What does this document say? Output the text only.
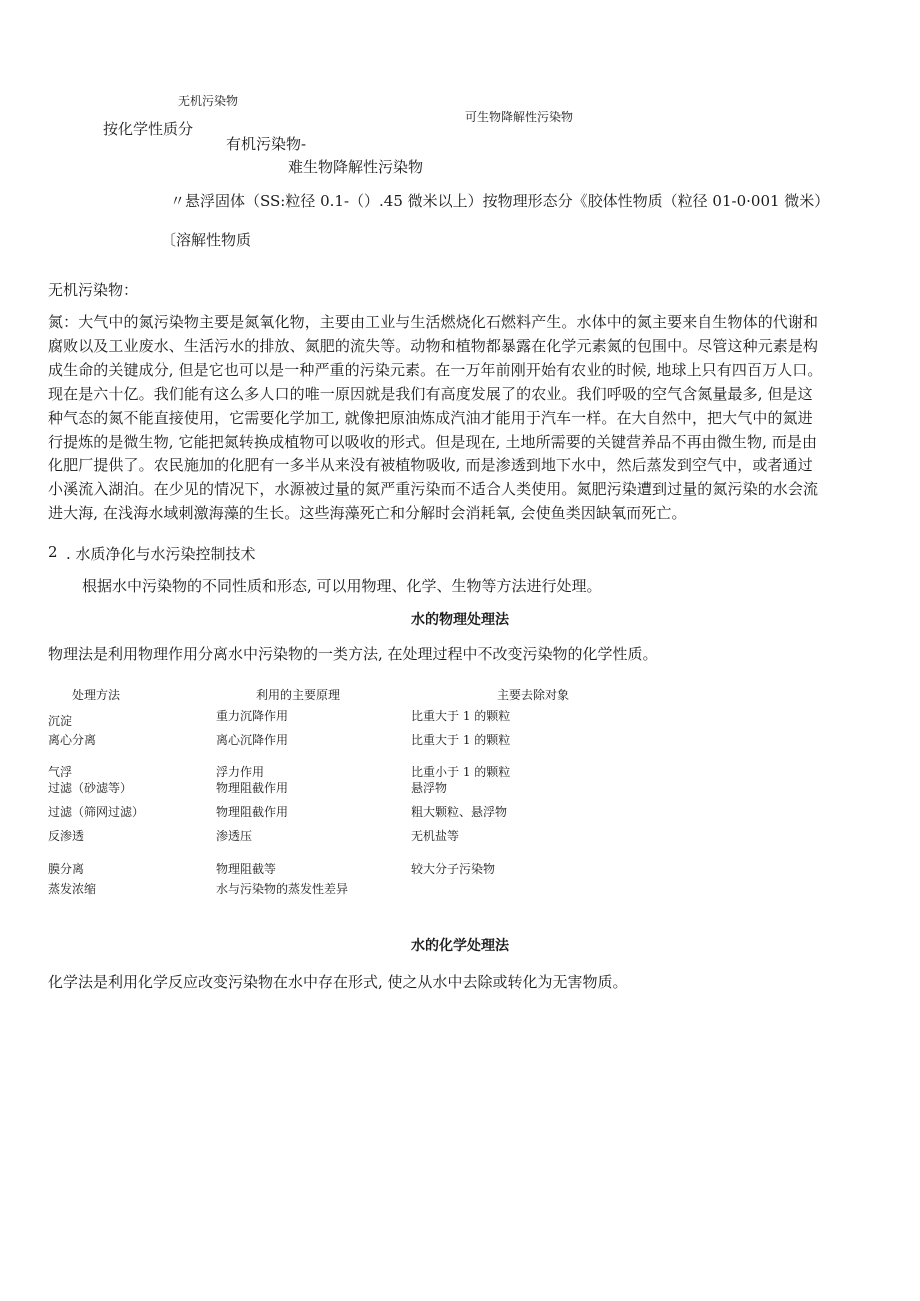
无机污染物
可生物降解性污染物
按化学性质分
有机污染物-
难生物降解性污染物
〃悬浮固体（SS:粒径 0.1-（）.45 微米以上）按物理形态分《胶体性物质（粒径 01-0·001 微米）
〔溶解性物质
无机污染物：
氮：大气中的氮污染物主要是氮氧化物，主要由工业与生活燃烧化石燃料产生。水体中的氮主要来自生物体的代谢和
腐败以及工业废水、生活污水的排放、氮肥的流失等。动物和植物都暴露在化学元素氮的包围中。尽管这种元素是构
成生命的关键成分, 但是它也可以是一种严重的污染元素。在一万年前刚开始有农业的时候, 地球上只有四百万人口。
现在是六十亿。我们能有这么多人口的唯一原因就是我们有高度发展了的农业。我们呼吸的空气含氮量最多, 但是这
种气态的氮不能直接使用，它需要化学加工, 就像把原油炼成汽油才能用于汽车一样。在大自然中，把大气中的氮进
行提炼的是微生物, 它能把氮转换成植物可以吸收的形式。但是现在, 土地所需要的关键营养品不再由微生物, 而是由
化肥厂提供了。农民施加的化肥有一多半从来没有被植物吸收, 而是渗透到地下水中，然后蒸发到空气中，或者通过
小溪流入湖泊。在少见的情况下，水源被过量的氮严重污染而不适合人类使用。氮肥污染遭到过量的氮污染的水会流
进大海, 在浅海水域刺激海藻的生长。这些海藻死亡和分解时会消耗氧, 会使鱼类因缺氧而死亡。
2 . 水质净化与水污染控制技术
根据水中污染物的不同性质和形态, 可以用物理、化学、生物等方法进行处理。
水的物理处理法
物理法是利用物理作用分离水中污染物的一类方法, 在处理过程中不改变污染物的化学性质。
处理方法	利用的主要原理	主要去除对象
沉淀	重力沉降作用	比重大于 1 的颗粒
离心分离	离心沉降作用	比重大于 1 的颗粒
气浮	浮力作用	比重小于 1 的颗粒
过滤（砂滤等）	物理阻截作用	悬浮物
过滤（筛网过滤）	物理阻截作用	粗大颗粒、悬浮物
反渗透	渗透压	无机盐等
膜分离	物理阻截等	较大分子污染物
蒸发浓缩	水与污染物的蒸发性差异
水的化学处理法
化学法是利用化学反应改变污染物在水中存在形式, 使之从水中去除或转化为无害物质。
